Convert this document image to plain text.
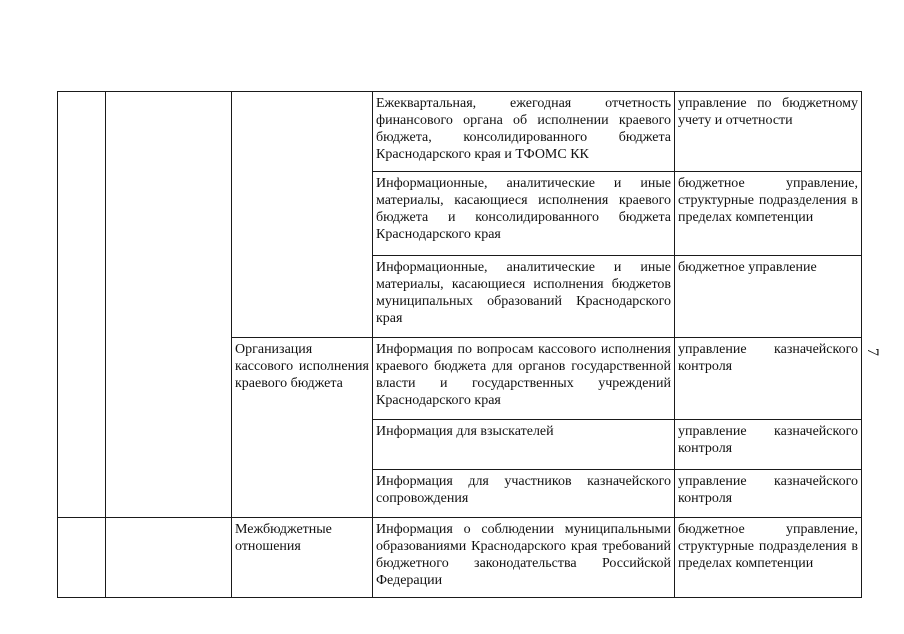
7
			Ежеквартальная, ежегодная отчетность финансового органа об исполнении краевого бюджета, консолидированного бюджета Краснодарского края и ТФОМС КК	управление по бюджетному учету и отчетности
			Информационные, аналитические и иные материалы, касающиеся исполнения краевого бюджета и консолидированного бюджета Краснодарского края	бюджетное управление, структурные подразделения в пределах компетенции
			Информационные, аналитические и иные материалы, касающиеся исполнения бюджетов муниципальных образований Краснодарского края	бюджетное управление
		Организация кассового исполнения краевого бюджета	Информация по вопросам кассового исполнения краевого бюджета для органов государственной власти и государственных учреждений Краснодарского края	управление казначейского контроля
			Информация для взыскателей	управление казначейского контроля
			Информация для участников казначейского сопровождения	управление казначейского контроля
		Межбюджетные отношения	Информация о соблюдении муниципальными образованиями Краснодарского края требований бюджетного законодательства Российской Федерации	бюджетное управление, структурные подразделения в пределах компетенции
